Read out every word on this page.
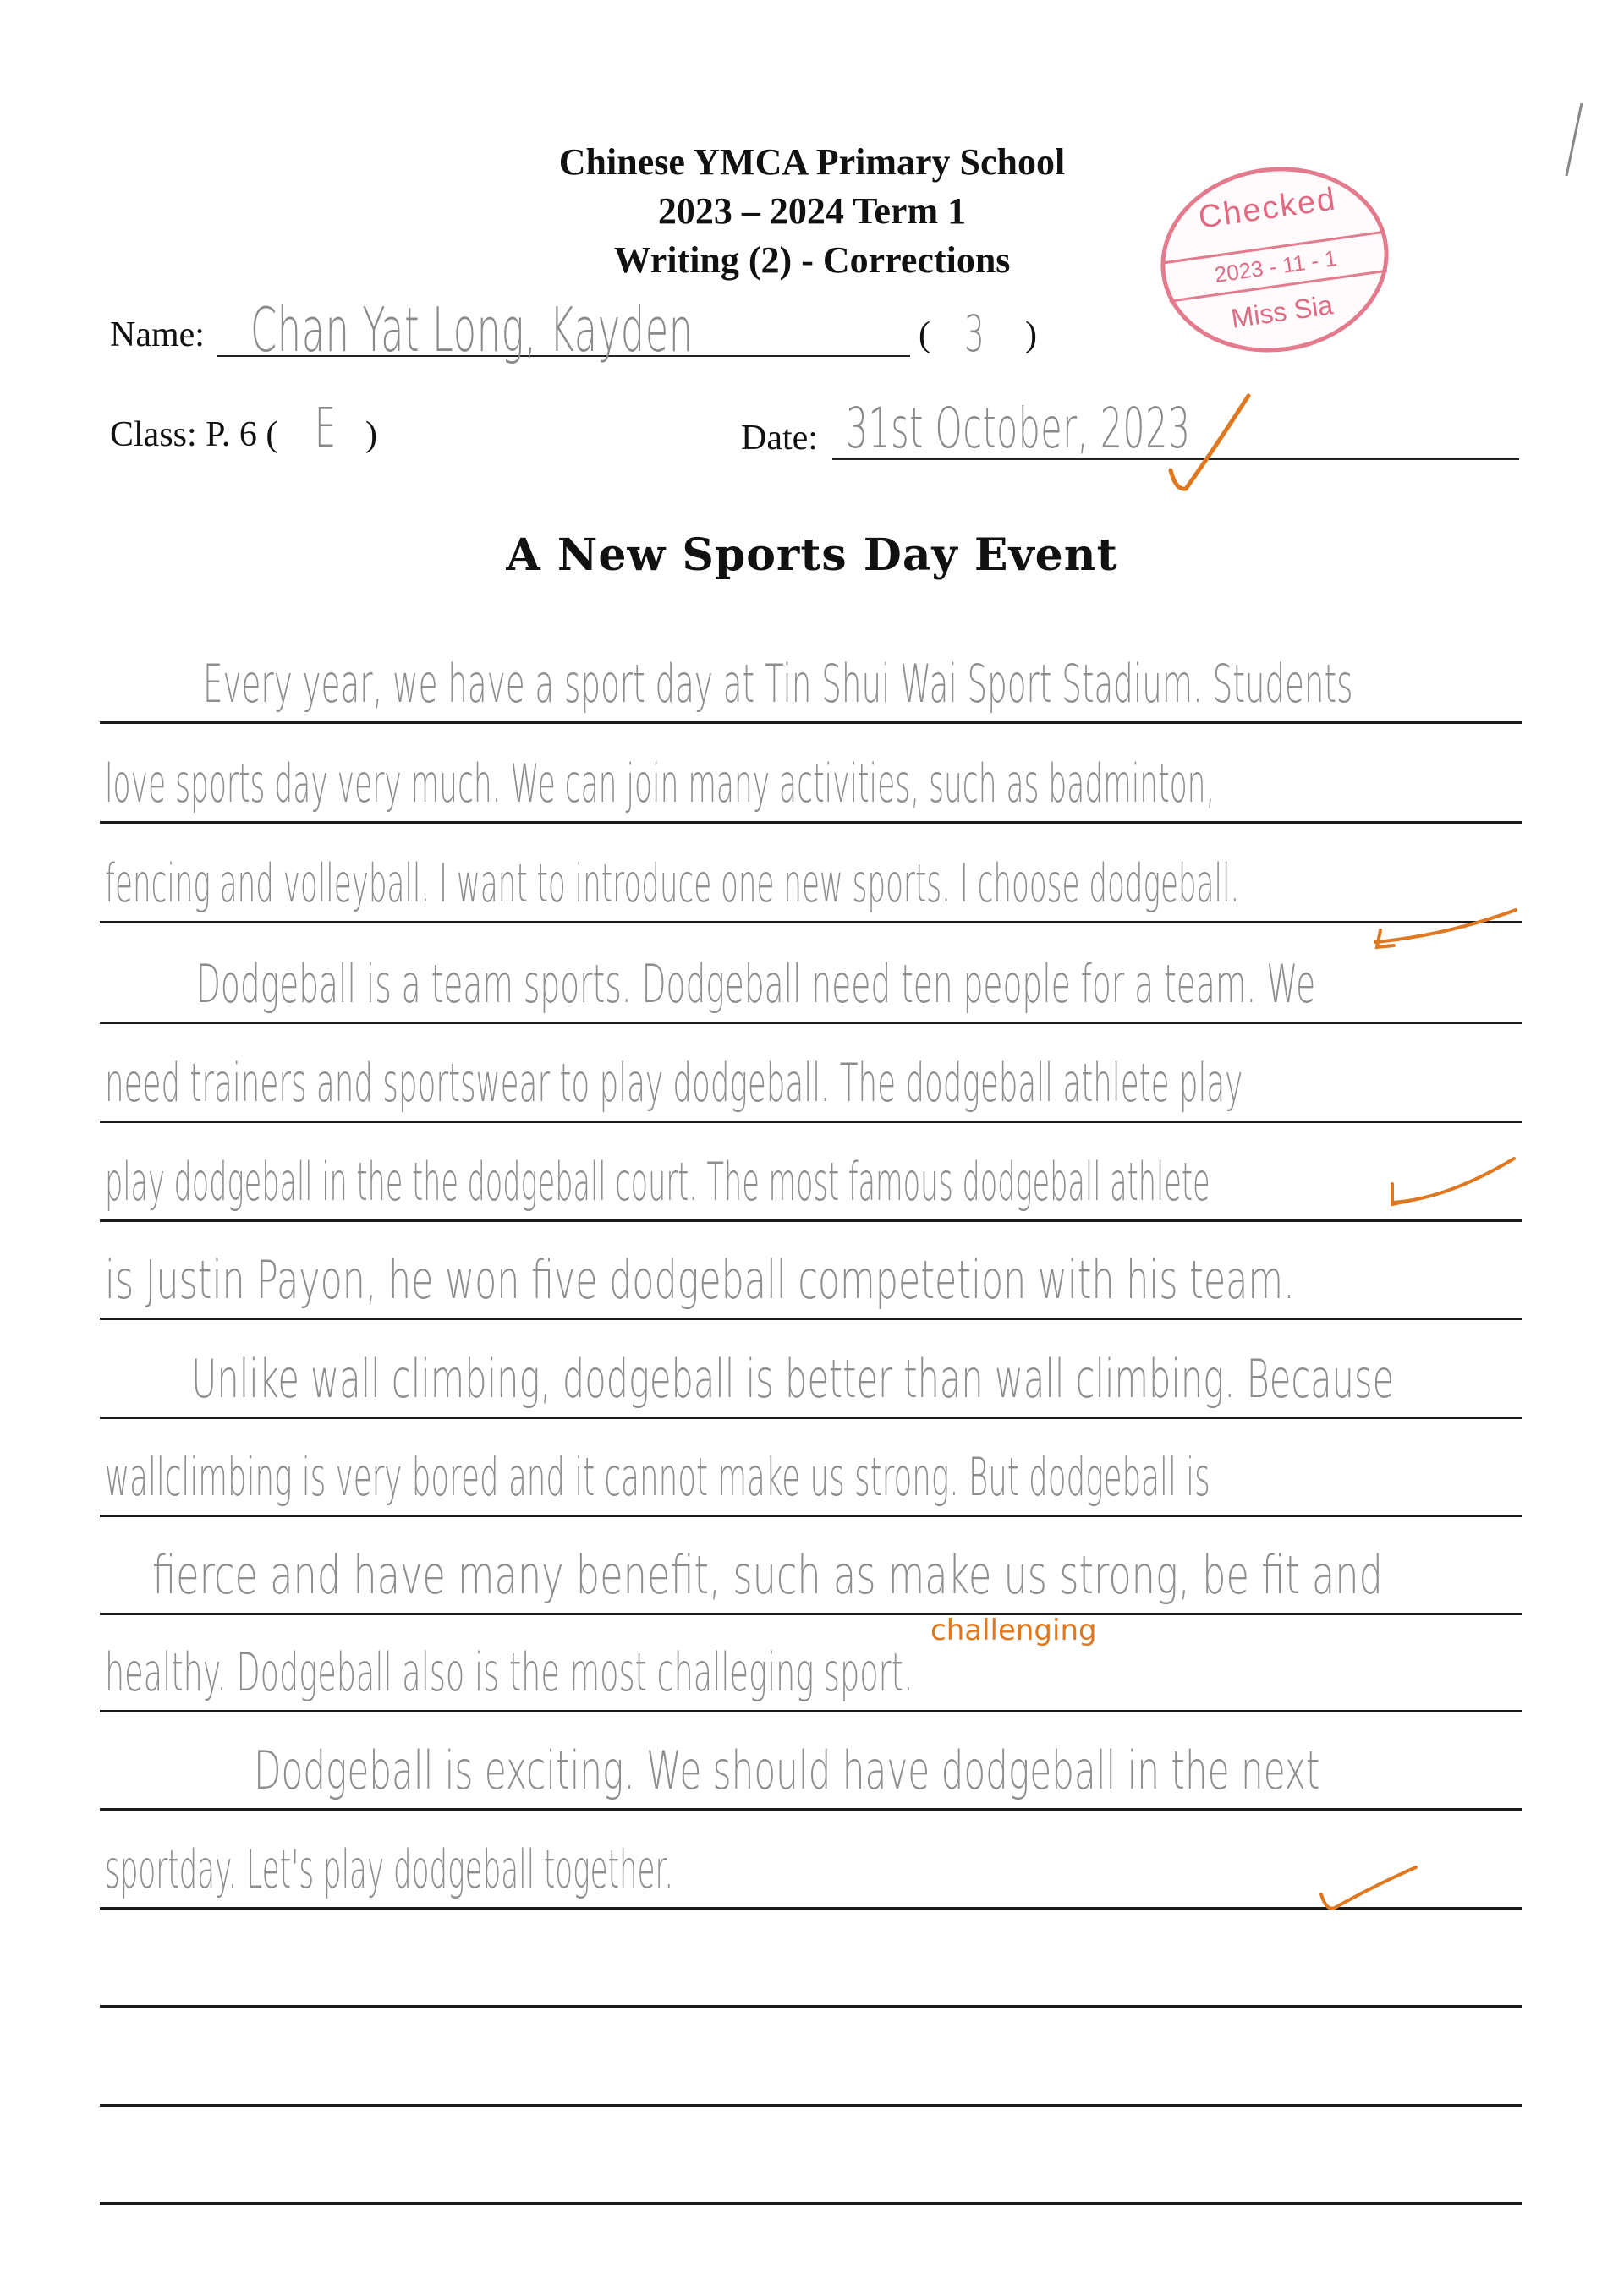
Chinese YMCA Primary School
2023 – 2024 Term 1
Writing (2) - Corrections
Name: Chan Yat Long, Kayden	( 3 )
Class: P. 6 ( E )	Date: 31st October, 2023
Checked
2023 - 11 - 1
Miss Sia
A New Sports Day Event
Every year, we have a sport day at Tin Shui Wai Sport Stadium. Students
love sports day very much. We can join many activities, such as badminton,
fencing and volleyball. I want to introduce one new sports. I choose dodgeball.
Dodgeball is a team sports. Dodgeball need ten people for a team. We
need trainers and sportswear to play dodgeball. The dodgeball athlete play
play dodgeball in the the dodgeball court. The most famous dodgeball athlete
is Justin Payon, he won five dodgeball competetion with his team.
Unlike wall climbing, dodgeball is better than wall climbing. Because
wallclimbing is very bored and it cannot make us strong. But dodgeball is
fierce and have many benefit, such as make us strong, be fit and
healthy. Dodgeball also is the most challeging sport.
Dodgeball is exciting. We should have dodgeball in the next
sportday. Let's play dodgeball together.
challenging
